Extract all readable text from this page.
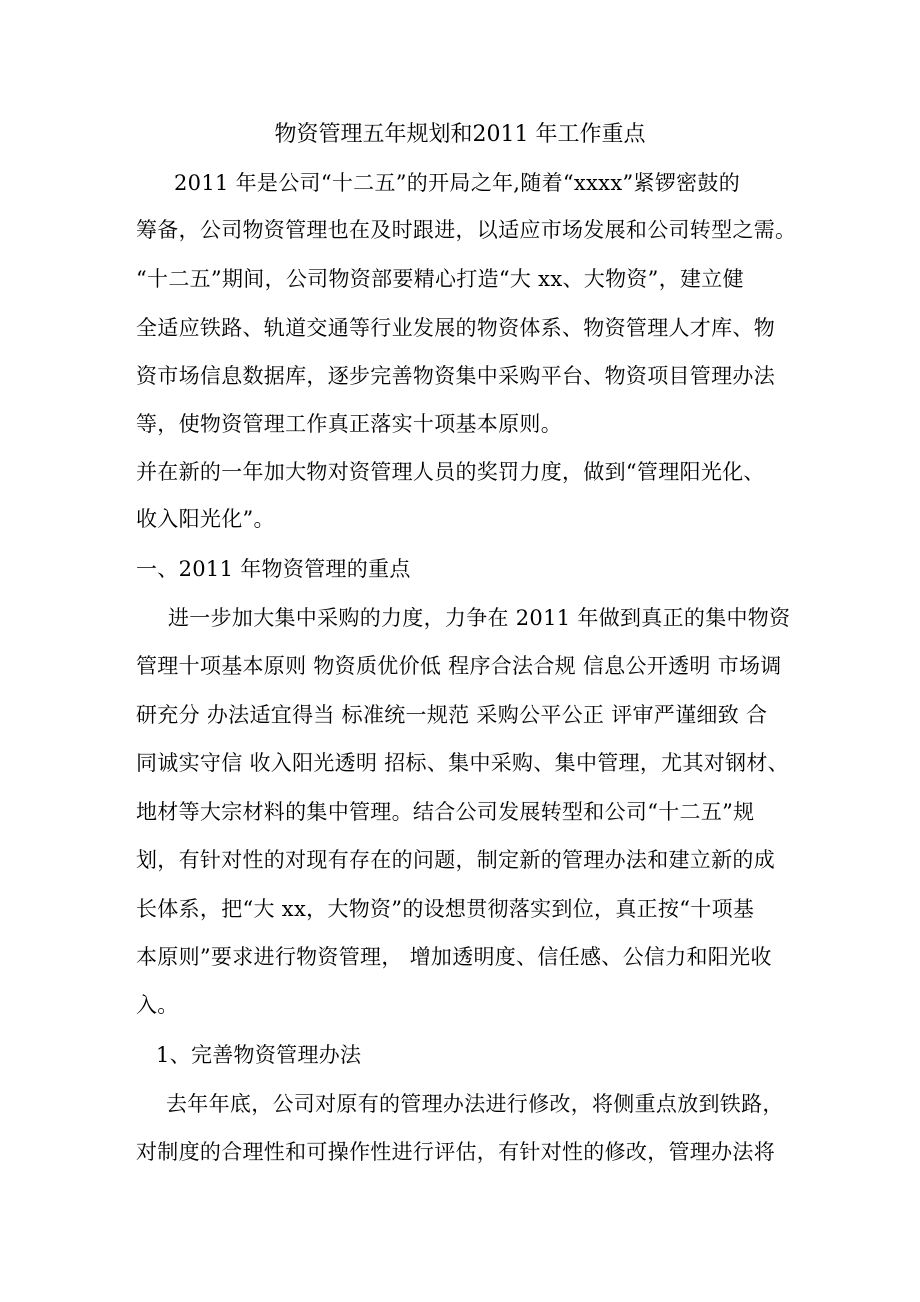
物资管理五年规划和2011 年工作重点
2011 年是公司“十二五”的开局之年,随着“xxxx”紧锣密鼓的
筹备，公司物资管理也在及时跟进，以适应市场发展和公司转型之需。
“十二五”期间，公司物资部要精心打造“大 xx、大物资”，建立健
全适应铁路、轨道交通等行业发展的物资体系、物资管理人才库、物
资市场信息数据库，逐步完善物资集中采购平台、物资项目管理办法
等，使物资管理工作真正落实十项基本原则。
并在新的一年加大物对资管理人员的奖罚力度，做到“管理阳光化、
收入阳光化”。
一、2011 年物资管理的重点
进一步加大集中采购的力度，力争在 2011 年做到真正的集中物资
管理十项基本原则 物资质优价低 程序合法合规 信息公开透明 市场调
研充分 办法适宜得当 标准统一规范 采购公平公正 评审严谨细致 合
同诚实守信 收入阳光透明 招标、集中采购、集中管理，尤其对钢材、
地材等大宗材料的集中管理。结合公司发展转型和公司“十二五”规
划，有针对性的对现有存在的问题，制定新的管理办法和建立新的成
长体系，把“大 xx，大物资”的设想贯彻落实到位，真正按“十项基
本原则”要求进行物资管理， 增加透明度、信任感、公信力和阳光收
入。
1、完善物资管理办法
去年年底，公司对原有的管理办法进行修改，将侧重点放到铁路，
对制度的合理性和可操作性进行评估，有针对性的修改，管理办法将
